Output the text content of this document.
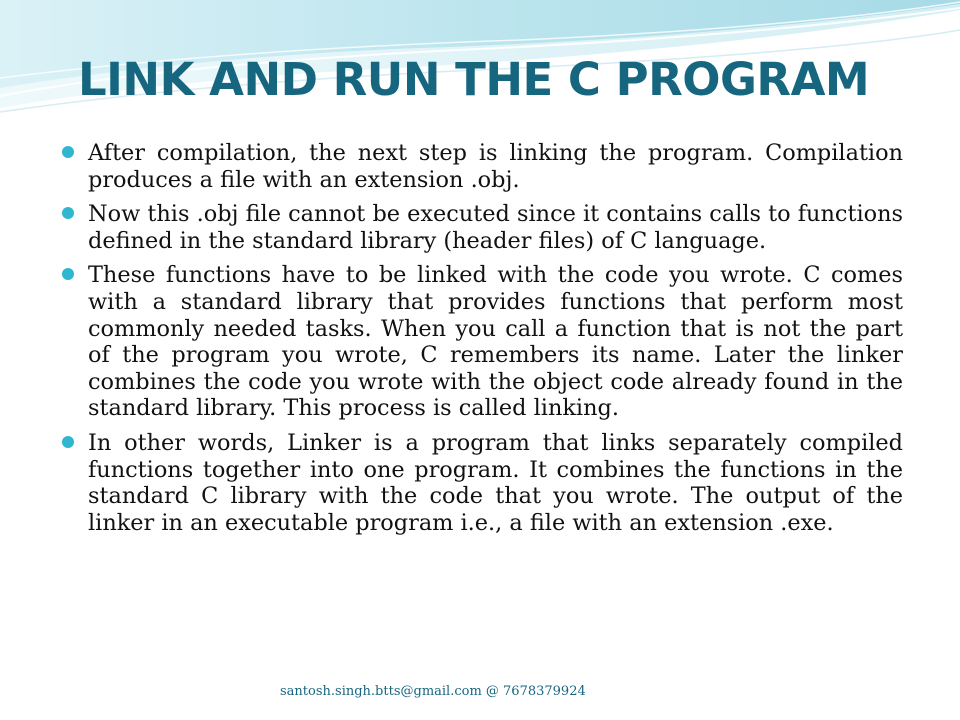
LINK AND RUN THE C PROGRAM
After compilation, the next step is linking the program. Compilation produces a file with an extension .obj.
Now this .obj file cannot be executed since it contains calls to functions defined in the standard library (header files) of C language.
These functions have to be linked with the code you wrote. C comes with a standard library that provides functions that perform most commonly needed tasks. When you call a function that is not the part of the program you wrote, C remembers its name. Later the linker combines the code you wrote with the object code already found in the standard library. This process is called linking.
In other words, Linker is a program that links separately compiled functions together into one program. It combines the functions in the standard C library with the code that you wrote. The output of the linker in an executable program i.e., a file with an extension .exe.
santosh.singh.btts@gmail.com @ 7678379924
